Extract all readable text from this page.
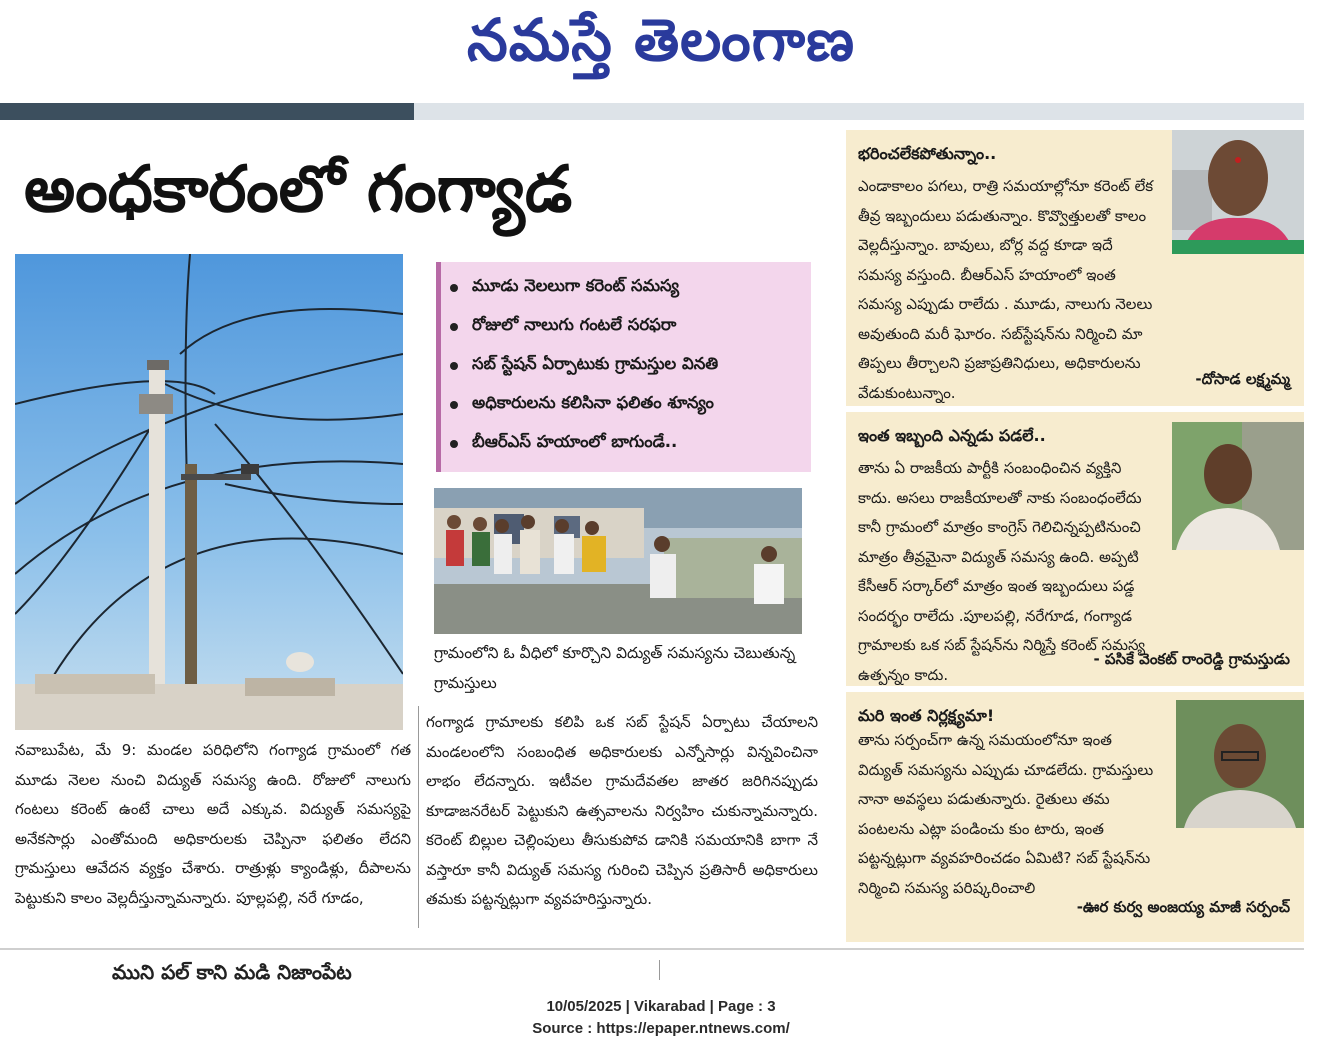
నమస్తే తెలంగాణ
అంధకారంలో గంగ్యాడ
మూడు నెలలుగా కరెంట్ సమస్య
రోజులో నాలుగు గంటలే సరఫరా
సబ్ స్టేషన్ ఏర్పాటుకు గ్రామస్తుల వినతి
అధికారులను కలిసినా ఫలితం శూన్యం
బీఆర్ఎస్ హయాంలో బాగుండే..
గ్రామంలోని ఓ వీధిలో కూర్చొని విద్యుత్ సమస్యను చెబుతున్న గ్రామస్తులు
నవాబుపేట, మే 9: మండల పరిధిలోని గంగ్యాడ గ్రామంలో గత మూడు నెలల నుంచి విద్యుత్ సమస్య ఉంది. రోజులో నాలుగు గంటలు కరెంట్ ఉంటే చాలు అదే ఎక్కువ. విద్యుత్ సమస్యపై అనేకసార్లు ఎంతోమంది అధికారులకు చెప్పినా ఫలితం లేదని గ్రామస్తులు ఆవేదన వ్యక్తం చేశారు. రాత్రుళ్లు క్యాండిళ్లు, దీపాలను పెట్టుకుని కాలం వెల్లదీస్తున్నామన్నారు. పూల్లపల్లి, నరే గూడం,
గంగ్యాడ గ్రామాలకు కలిపి ఒక సబ్ స్టేషన్ ఏర్పాటు చేయాలని మండలంలోని సంబంధిత అధికారులకు ఎన్నోసార్లు విన్నవించినా లాభం లేదన్నారు. ఇటీవల గ్రామదేవతల జాతర జరిగినప్పుడు కూడాజనరేటర్ పెట్టుకుని ఉత్సవాలను నిర్వహిం చుకున్నామన్నారు. కరెంట్ బిల్లుల చెల్లింపులు తీసుకుపోవ డానికి సమయానికి బాగా నే వస్తారూ కానీ విద్యుత్ సమస్య గురించి చెప్పిన ప్రతిసారీ అధికారులు తమకు పట్టన్నట్లుగా వ్యవహరిస్తున్నారు.
భరించలేకపోతున్నాం..
ఎండాకాలం పగలు, రాత్రి సమయాల్లోనూ కరెంట్ లేక తీవ్ర ఇబ్బందులు పడుతున్నాం. కొవ్వొత్తులతో కాలం వెల్లదీస్తున్నాం. బావులు, బోర్ల వద్ద కూడా ఇదే సమస్య వస్తుంది. బీఆర్ఎస్ హయాంలో ఇంత సమస్య ఎప్పుడు రాలేదు . మూడు, నాలుగు నెలలు అవుతుంది మరీ ఘోరం. సబ్‌స్టేషన్‌ను నిర్మించి మా తిప్పలు తీర్చాలని ప్రజాప్రతినిధులు, అధికారులను వేడుకుంటున్నాం.
-దోసాడ లక్ష్మమ్మ
ఇంత ఇబ్బంది ఎన్నడు పడలే..
తాను ఏ రాజకీయ పార్టీకి సంబంధించిన వ్యక్తిని కాదు. అసలు రాజకీయాలతో నాకు సంబంధంలేదు కానీ గ్రామంలో మాత్రం కాంగ్రెస్ గెలిచిన్నప్పటినుంచి మాత్రం తీవ్రమైనా విద్యుత్ సమస్య ఉంది. అప్పటి కేసీఆర్ సర్కార్‌లో మాత్రం ఇంత ఇబ్బందులు పడ్డ సందర్భం రాలేదు .పూలపల్లి, నరేగూడ, గంగ్యాడ గ్రామాలకు ఒక సబ్ స్టేషన్‌ను నిర్మిస్తే కరెంట్ సమస్య ఉత్పన్నం కాదు.
- పసికే వెంకట్ రాంరెడ్డి గ్రామస్తుడు
మరి ఇంత నిర్లక్ష్యమా!
తాను సర్పంచ్‌గా ఉన్న సమయంలోనూ ఇంత విద్యుత్ సమస్యను ఎప్పుడు చూడలేదు. గ్రామస్తులు నానా అవస్థలు పడుతున్నారు. రైతులు తమ పంటలను ఎట్లా పండించు కుం టారు, ఇంత పట్టన్నట్లుగా వ్యవహరించడం ఏమిటి? సబ్ స్టేషన్‌ను నిర్మించి సమస్య పరిష్కరించాలి
-ఊర కుర్వ అంజయ్య మాజీ సర్పంచ్
ముని పల్ కాని మడి నిజాంపేట
10/05/2025 | Vikarabad | Page : 3
Source : https://epaper.ntnews.com/
